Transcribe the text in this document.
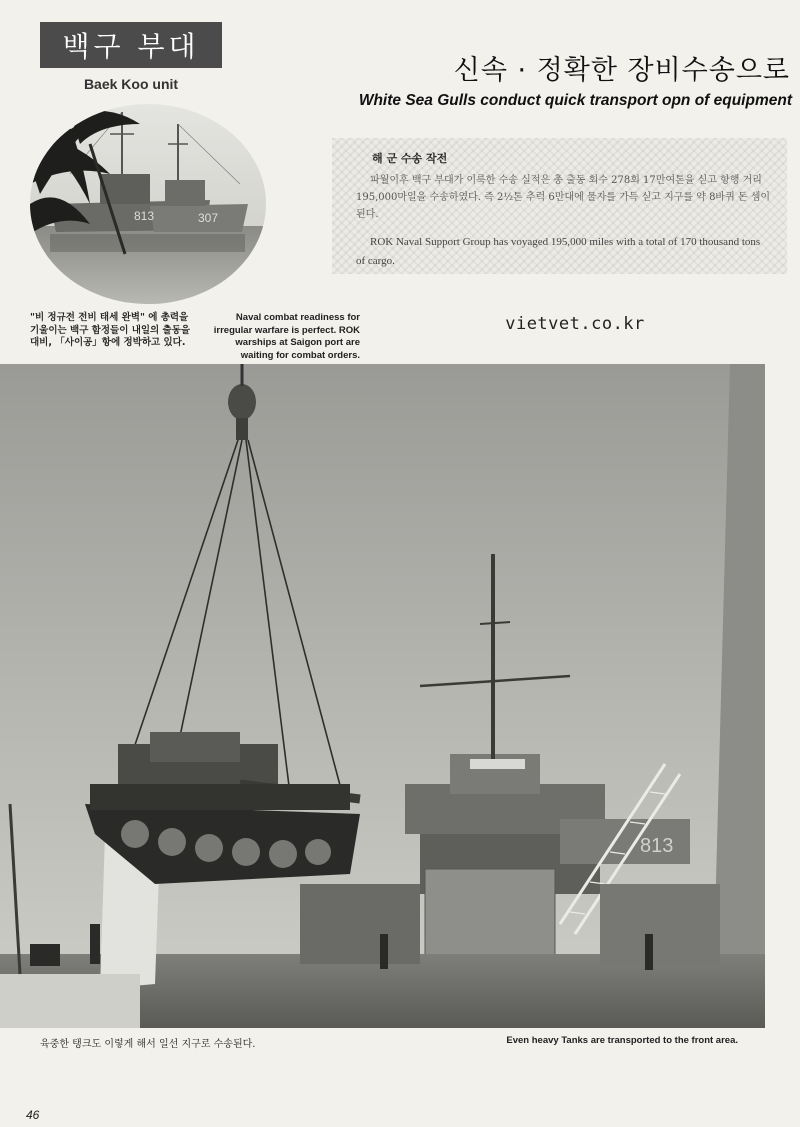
백구 부대
Baek Koo unit
813	307
신속 · 정확한 장비수송으로
White Sea Gulls conduct quick transport opn of equipment
해 군 수송 작전
파월이후 백구 부대가 이룩한 수송 실적은 총 출동 회수 278회 17만여톤을 싣고 항행 거리 195,000마일을 수송하였다. 즉 2½톤 추럭 6만대에 물자를 가득 싣고 지구를 약 8바퀴 돈 셈이 된다.
ROK Naval Support Group has voyaged 195,000 miles with a total of 170 thousand tons of cargo.
"비 정규전 전비 태세 완벽" 에 총력을 기울이는 백구 함정들이 내일의 출동을 대비, 「사이공」항에 정박하고 있다.
Naval combat readiness for irregular warfare is perfect. ROK warships at Saigon port are waiting for combat orders.
vietvet.co.kr
813
육중한 탱크도 이렇게 해서 일선 지구로 수송된다.	Even heavy Tanks are transported to the front area.
46
